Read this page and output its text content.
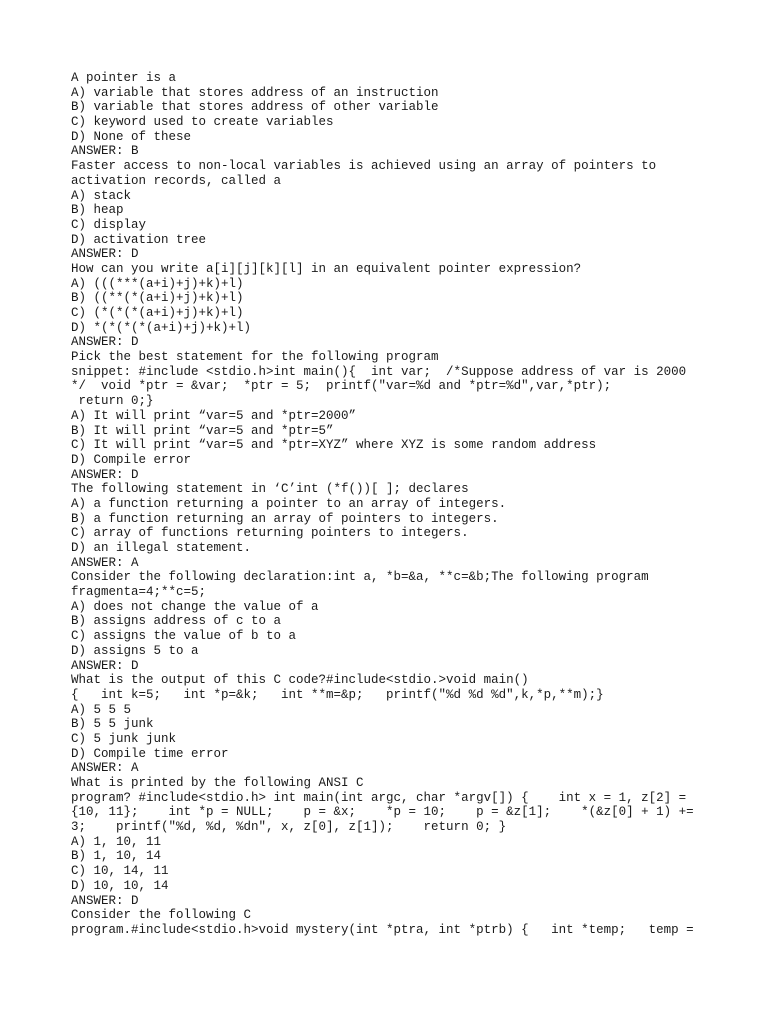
A pointer is a
A) variable that stores address of an instruction
B) variable that stores address of other variable
C) keyword used to create variables
D) None of these
ANSWER: B
Faster access to non-local variables is achieved using an array of pointers to
activation records, called a
A) stack
B) heap
C) display
D) activation tree
ANSWER: D
How can you write a[i][j][k][l] in an equivalent pointer expression?
A) (((***(a+i)+j)+k)+l)
B) ((**(*(a+i)+j)+k)+l)
C) (*(*(*(a+i)+j)+k)+l)
D) *(*(*(*(a+i)+j)+k)+l)
ANSWER: D
Pick the best statement for the following program
snippet: #include <stdio.h>int main(){  int var;  /*Suppose address of var is 2000
*/  void *ptr = &var;  *ptr = 5;  printf("var=%d and *ptr=%d",var,*ptr);
return 0;}
A) It will print “var=5 and *ptr=2000”
B) It will print “var=5 and *ptr=5”
C) It will print “var=5 and *ptr=XYZ” where XYZ is some random address
D) Compile error
ANSWER: D
The following statement in ‘C’int (*f())[ ]; declares
A) a function returning a pointer to an array of integers.
B) a function returning an array of pointers to integers.
C) array of functions returning pointers to integers.
D) an illegal statement.
ANSWER: A
Consider the following declaration:int a, *b=&a, **c=&b;The following program
fragmenta=4;**c=5;
A) does not change the value of a
B) assigns address of c to a
C) assigns the value of b to a
D) assigns 5 to a
ANSWER: D
What is the output of this C code?#include<stdio.>void main()
{   int k=5;   int *p=&k;   int **m=&p;   printf("%d %d %d",k,*p,**m);}
A) 5 5 5
B) 5 5 junk
C) 5 junk junk
D) Compile time error
ANSWER: A
What is printed by the following ANSI C
program? #include<stdio.h> int main(int argc, char *argv[]) {    int x = 1, z[2] =
{10, 11};    int *p = NULL;    p = &x;    *p = 10;    p = &z[1];    *(&z[0] + 1) +=
3;    printf("%d, %d, %dn", x, z[0], z[1]);    return 0; }
A) 1, 10, 11
B) 1, 10, 14
C) 10, 14, 11
D) 10, 10, 14
ANSWER: D
Consider the following C
program.#include<stdio.h>void mystery(int *ptra, int *ptrb) {   int *temp;   temp =
